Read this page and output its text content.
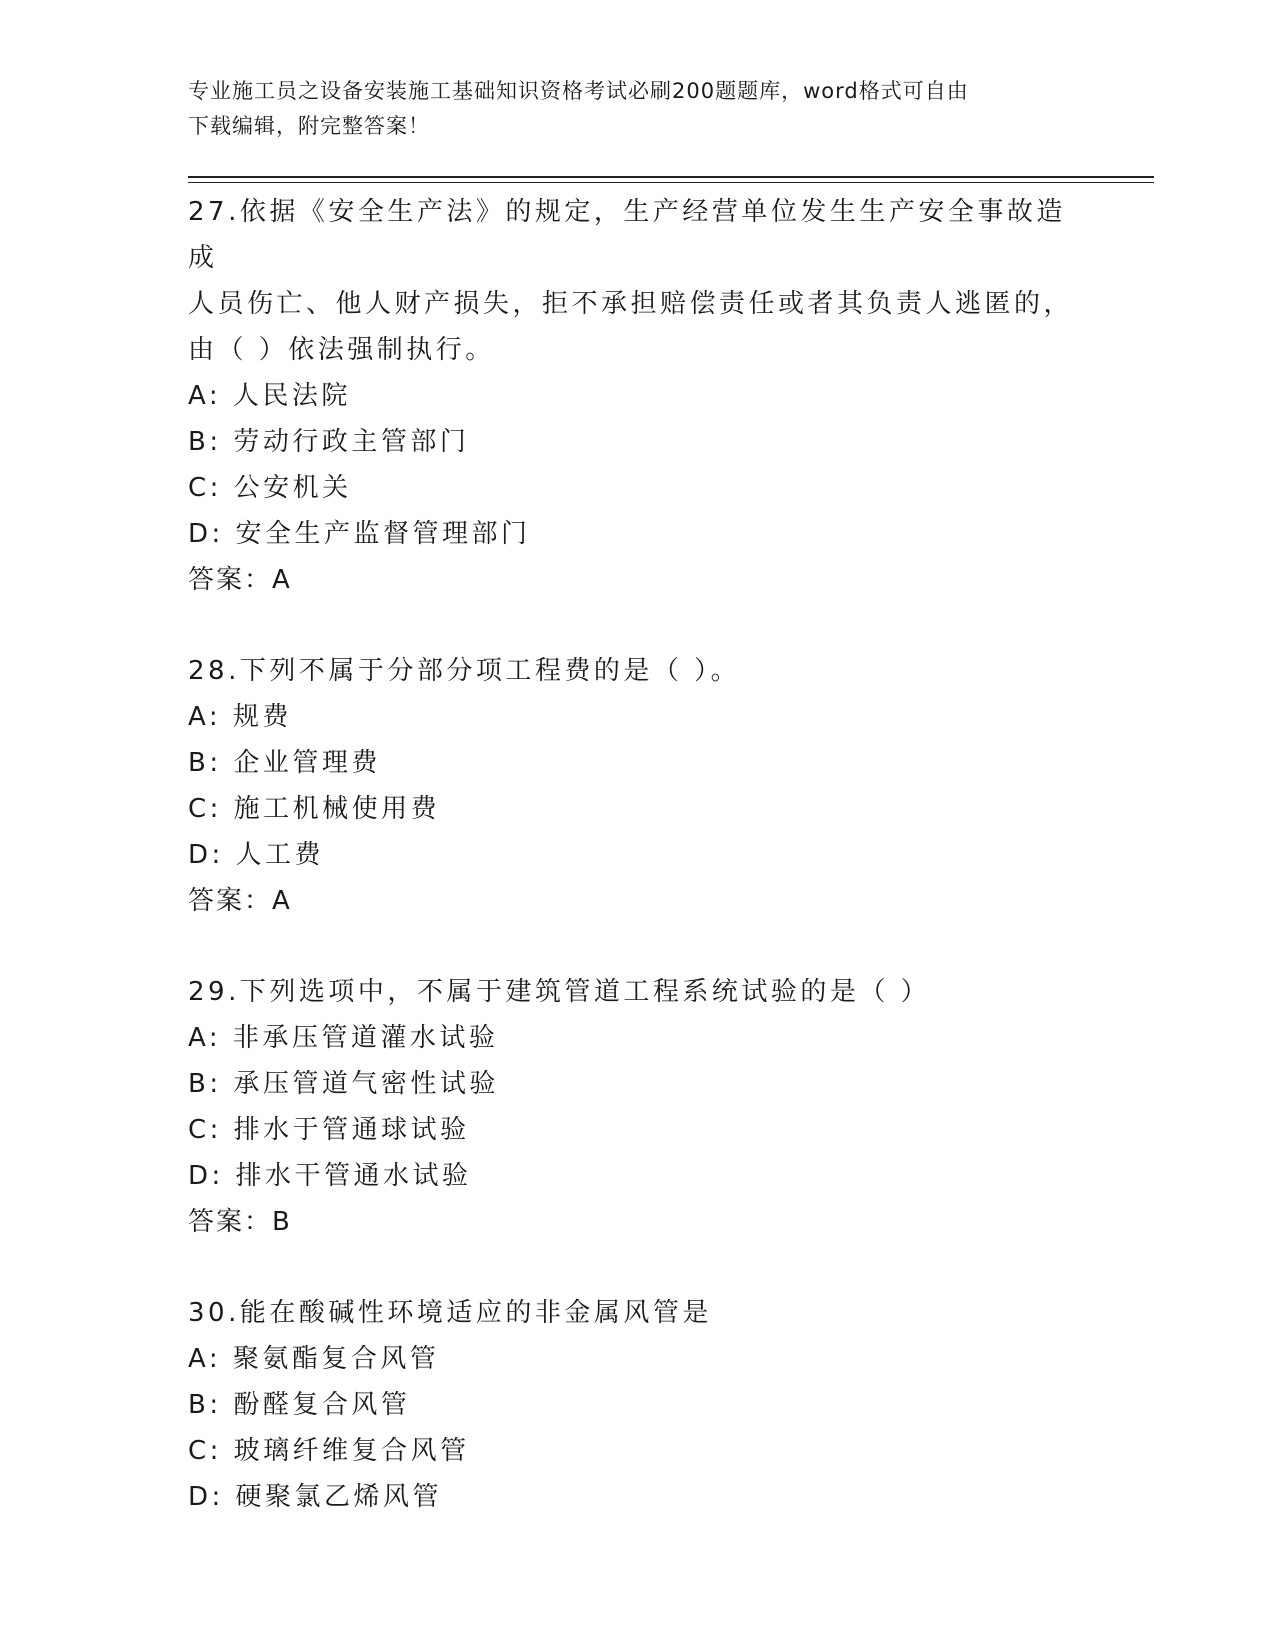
专业施工员之设备安装施工基础知识资格考试必刷200题题库，word格式可自由
下载编辑，附完整答案！
27.依据《安全生产法》的规定，生产经营单位发生生产安全事故造成
人员伤亡、他人财产损失，拒不承担赔偿责任或者其负责人逃匿的，
由（ ）依法强制执行。
A: 人民法院
B: 劳动行政主管部门
C: 公安机关
D: 安全生产监督管理部门
答案：A
28.下列不属于分部分项工程费的是（ ）。
A: 规费
B: 企业管理费
C: 施工机械使用费
D: 人工费
答案：A
29.下列选项中，不属于建筑管道工程系统试验的是（ ）
A: 非承压管道灌水试验
B: 承压管道气密性试验
C: 排水于管通球试验
D: 排水干管通水试验
答案：B
30.能在酸碱性环境适应的非金属风管是
A: 聚氨酯复合风管
B: 酚醛复合风管
C: 玻璃纤维复合风管
D: 硬聚氯乙烯风管
